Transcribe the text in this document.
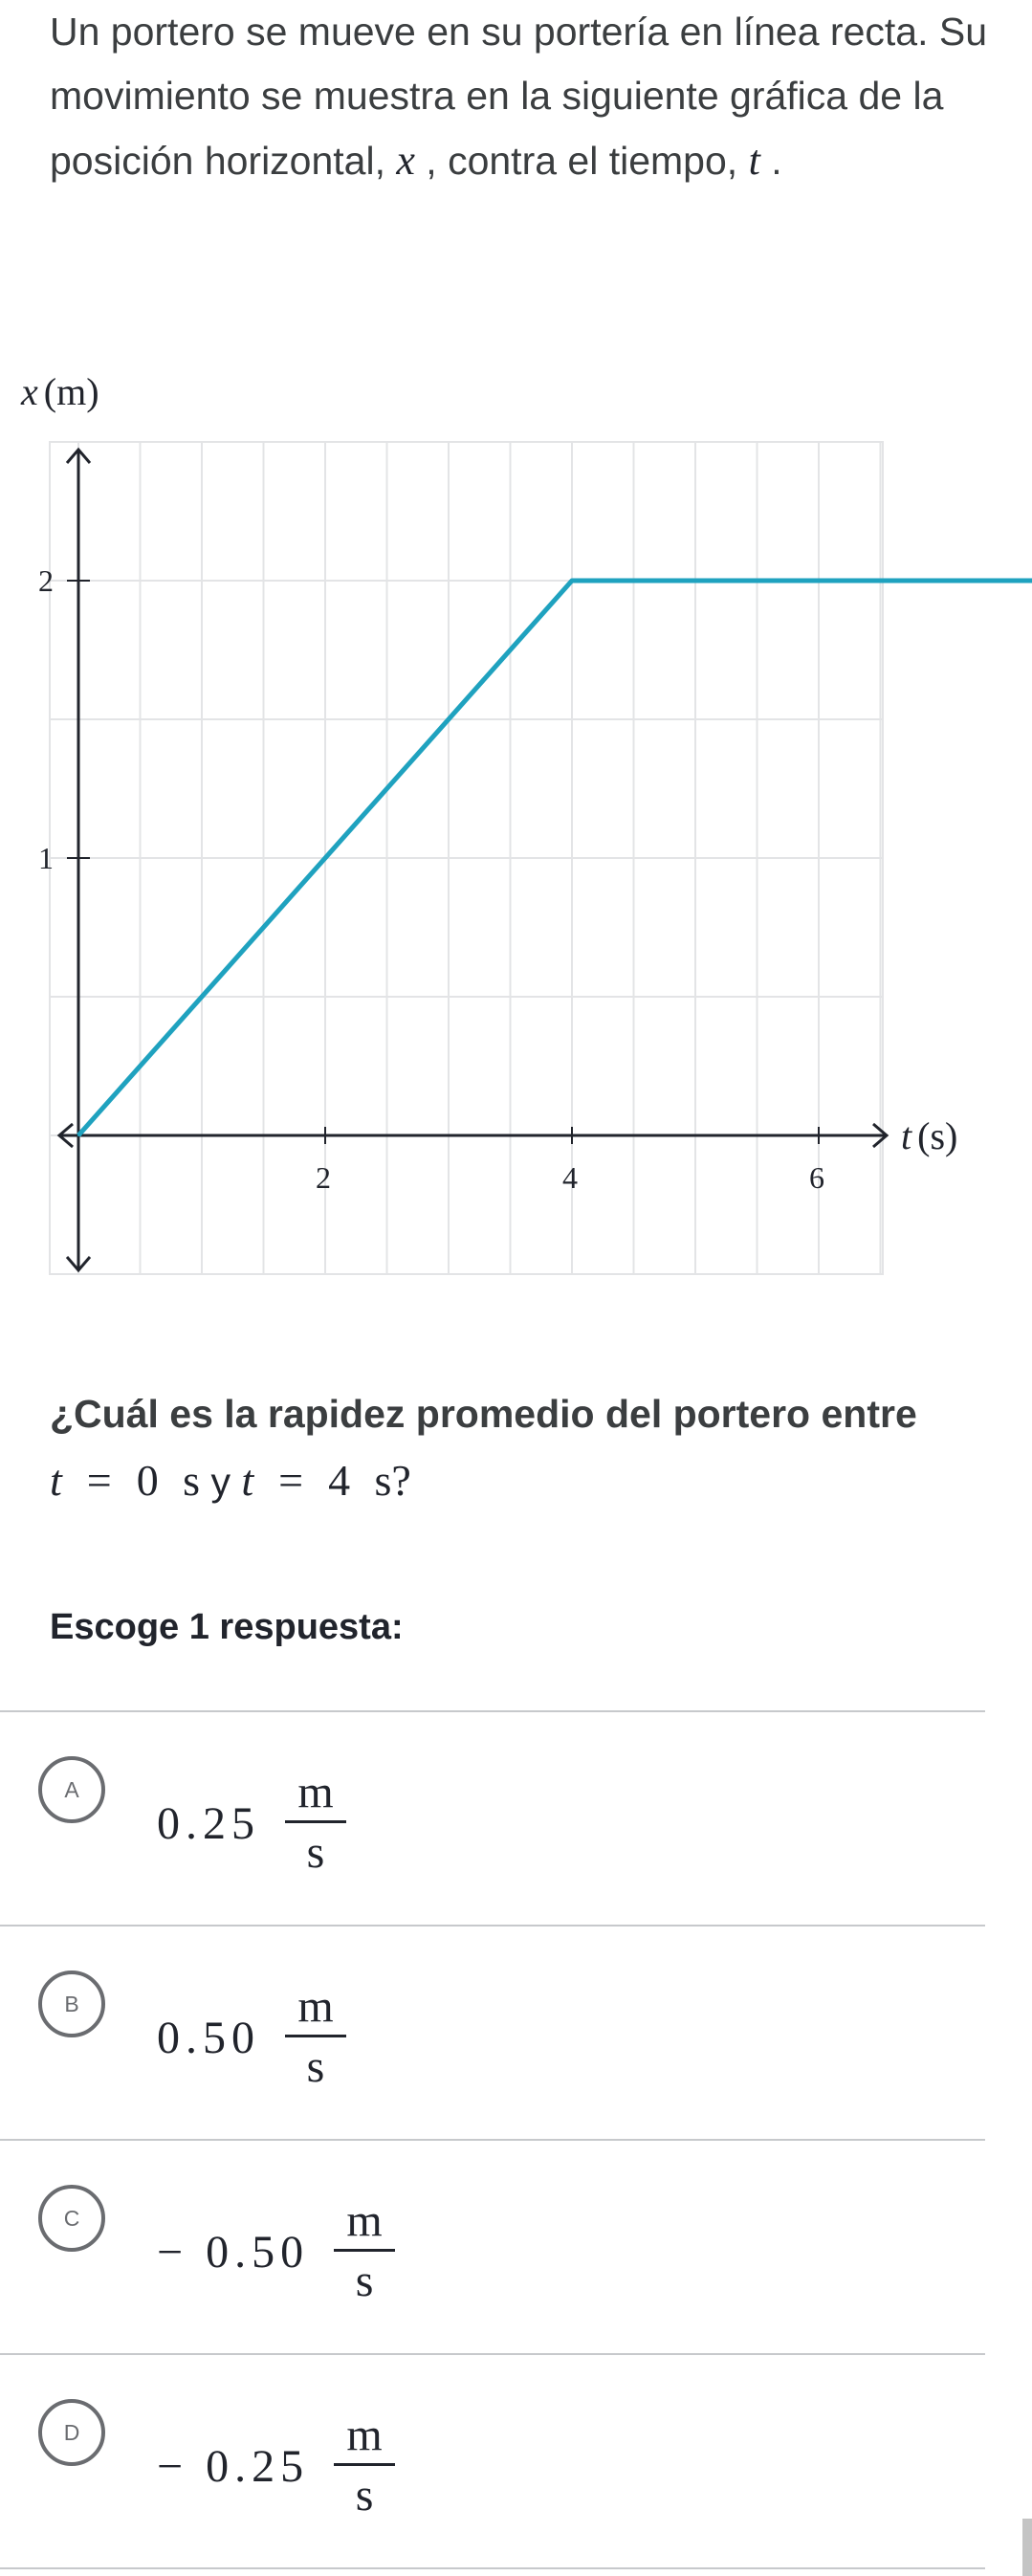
Un portero se mueve en su portería en línea recta. Su movimiento se muestra en la siguiente gráfica de la posición horizontal, x , contra el tiempo, t .
2	4	6
1
2
x (m)
t (s)
¿Cuál es la rapidez promedio del portero entre
t = 0 s y t = 4 s?
Escoge 1 respuesta:
A
$0.25 \frac{m}{s}$
B
$0.50 \frac{m}{s}$
C
− $0.50 \frac{m}{s}$
D
− $0.25 \frac{m}{s}$
